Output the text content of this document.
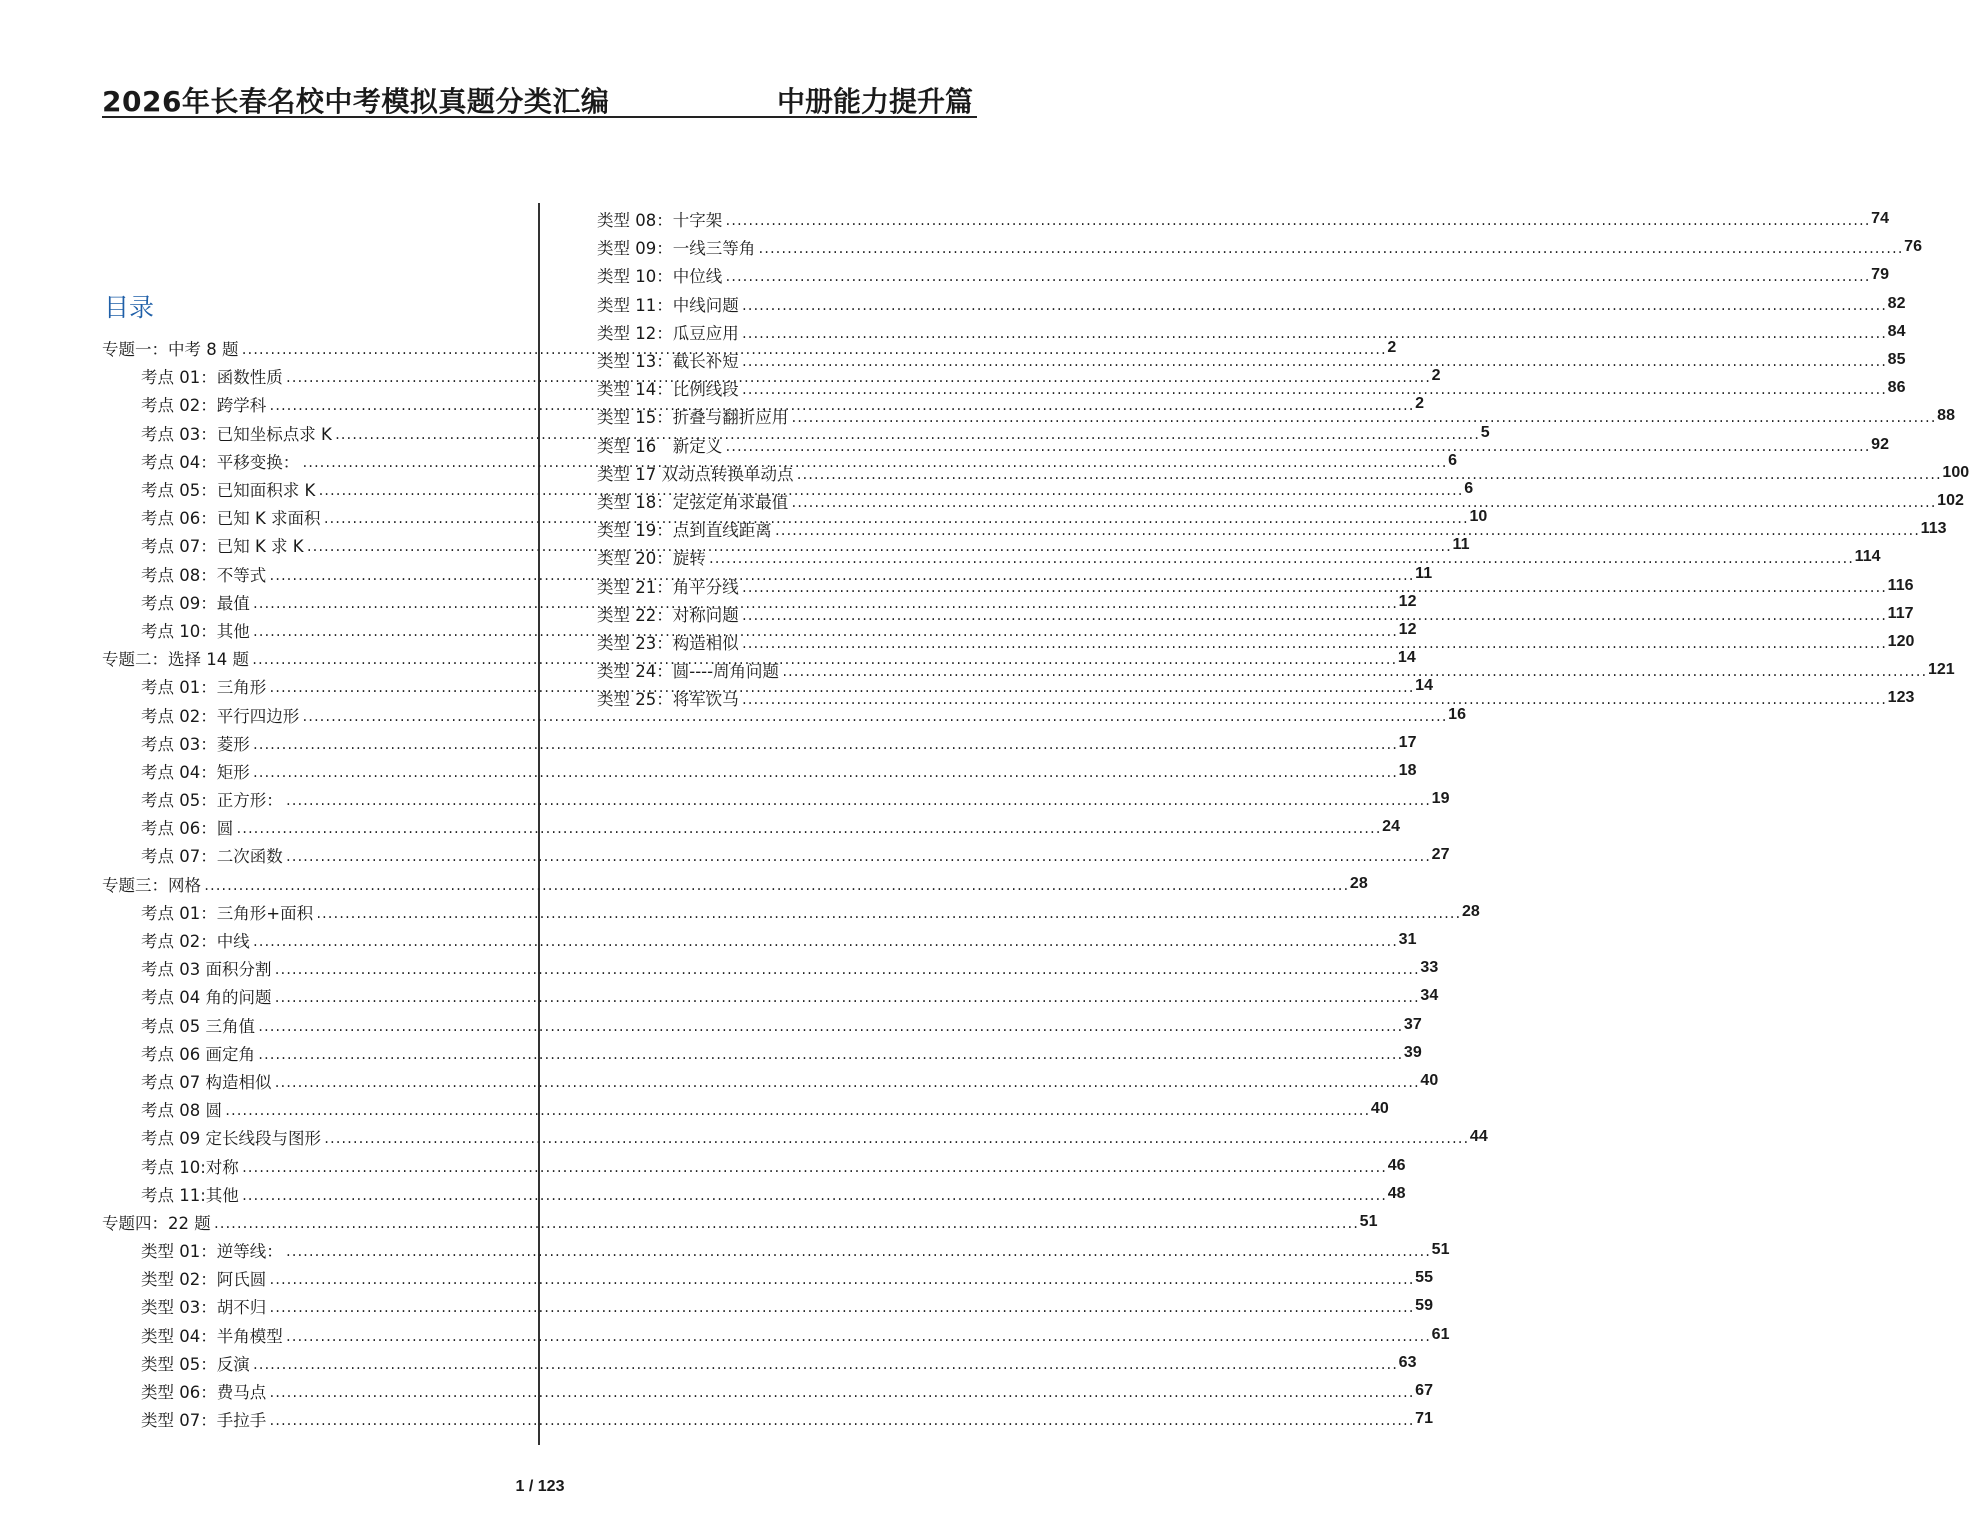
2026年长春名校中考模拟真题分类汇编	中册能力提升篇
目录
专题一：中考 8 题 ........................................................................................................................................................................................................ 2
考点 01：函数性质 ........................................................................................................................................................................................................ 2
考点 02：跨学科 ........................................................................................................................................................................................................ 2
考点 03：已知坐标点求 K ........................................................................................................................................................................................................ 5
考点 04：平移变换： ........................................................................................................................................................................................................ 6
考点 05：已知面积求 K ........................................................................................................................................................................................................ 6
考点 06：已知 K 求面积 ........................................................................................................................................................................................................ 10
考点 07：已知 K 求 K ........................................................................................................................................................................................................ 11
考点 08：不等式 ........................................................................................................................................................................................................ 11
考点 09：最值 ........................................................................................................................................................................................................ 12
考点 10：其他 ........................................................................................................................................................................................................ 12
专题二：选择 14 题 ........................................................................................................................................................................................................ 14
考点 01：三角形 ........................................................................................................................................................................................................ 14
考点 02：平行四边形 ........................................................................................................................................................................................................ 16
考点 03：菱形 ........................................................................................................................................................................................................ 17
考点 04：矩形 ........................................................................................................................................................................................................ 18
考点 05：正方形： ........................................................................................................................................................................................................ 19
考点 06：圆 ........................................................................................................................................................................................................ 24
考点 07：二次函数 ........................................................................................................................................................................................................ 27
专题三：网格 ........................................................................................................................................................................................................ 28
考点 01：三角形+面积 ........................................................................................................................................................................................................ 28
考点 02：中线 ........................................................................................................................................................................................................ 31
考点 03 面积分割 ........................................................................................................................................................................................................ 33
考点 04 角的问题 ........................................................................................................................................................................................................ 34
考点 05 三角值 ........................................................................................................................................................................................................ 37
考点 06 画定角 ........................................................................................................................................................................................................ 39
考点 07 构造相似 ........................................................................................................................................................................................................ 40
考点 08 圆 ........................................................................................................................................................................................................ 40
考点 09 定长线段与图形 ........................................................................................................................................................................................................ 44
考点 10:对称 ........................................................................................................................................................................................................ 46
考点 11:其他 ........................................................................................................................................................................................................ 48
专题四：22 题 ........................................................................................................................................................................................................ 51
类型 01：逆等线： ........................................................................................................................................................................................................ 51
类型 02：阿氏圆 ........................................................................................................................................................................................................ 55
类型 03：胡不归 ........................................................................................................................................................................................................ 59
类型 04：半角模型 ........................................................................................................................................................................................................ 61
类型 05：反演 ........................................................................................................................................................................................................ 63
类型 06：费马点 ........................................................................................................................................................................................................ 67
类型 07：手拉手 ........................................................................................................................................................................................................ 71
类型 08：十字架 ........................................................................................................................................................................................................ 74
类型 09：一线三等角 ........................................................................................................................................................................................................ 76
类型 10：中位线 ........................................................................................................................................................................................................ 79
类型 11：中线问题 ........................................................................................................................................................................................................ 82
类型 12：瓜豆应用 ........................................................................................................................................................................................................ 84
类型 13：截长补短 ........................................................................................................................................................................................................ 85
类型 14：比例线段 ........................................................................................................................................................................................................ 86
类型 15：折叠与翻折应用 ........................................................................................................................................................................................................ 88
类型 16　新定义 ........................................................................................................................................................................................................ 92
类型 17 双动点转换单动点 ........................................................................................................................................................................................................ 100
类型 18：定弦定角求最值 ........................................................................................................................................................................................................ 102
类型 19：点到直线距离 ........................................................................................................................................................................................................ 113
类型 20：旋转 ........................................................................................................................................................................................................ 114
类型 21：角平分线 ........................................................................................................................................................................................................ 116
类型 22：对称问题 ........................................................................................................................................................................................................ 117
类型 23：构造相似 ........................................................................................................................................................................................................ 120
类型 24：圆----周角问题 ........................................................................................................................................................................................................ 121
类型 25：将军饮马 ........................................................................................................................................................................................................ 123
1 / 123
